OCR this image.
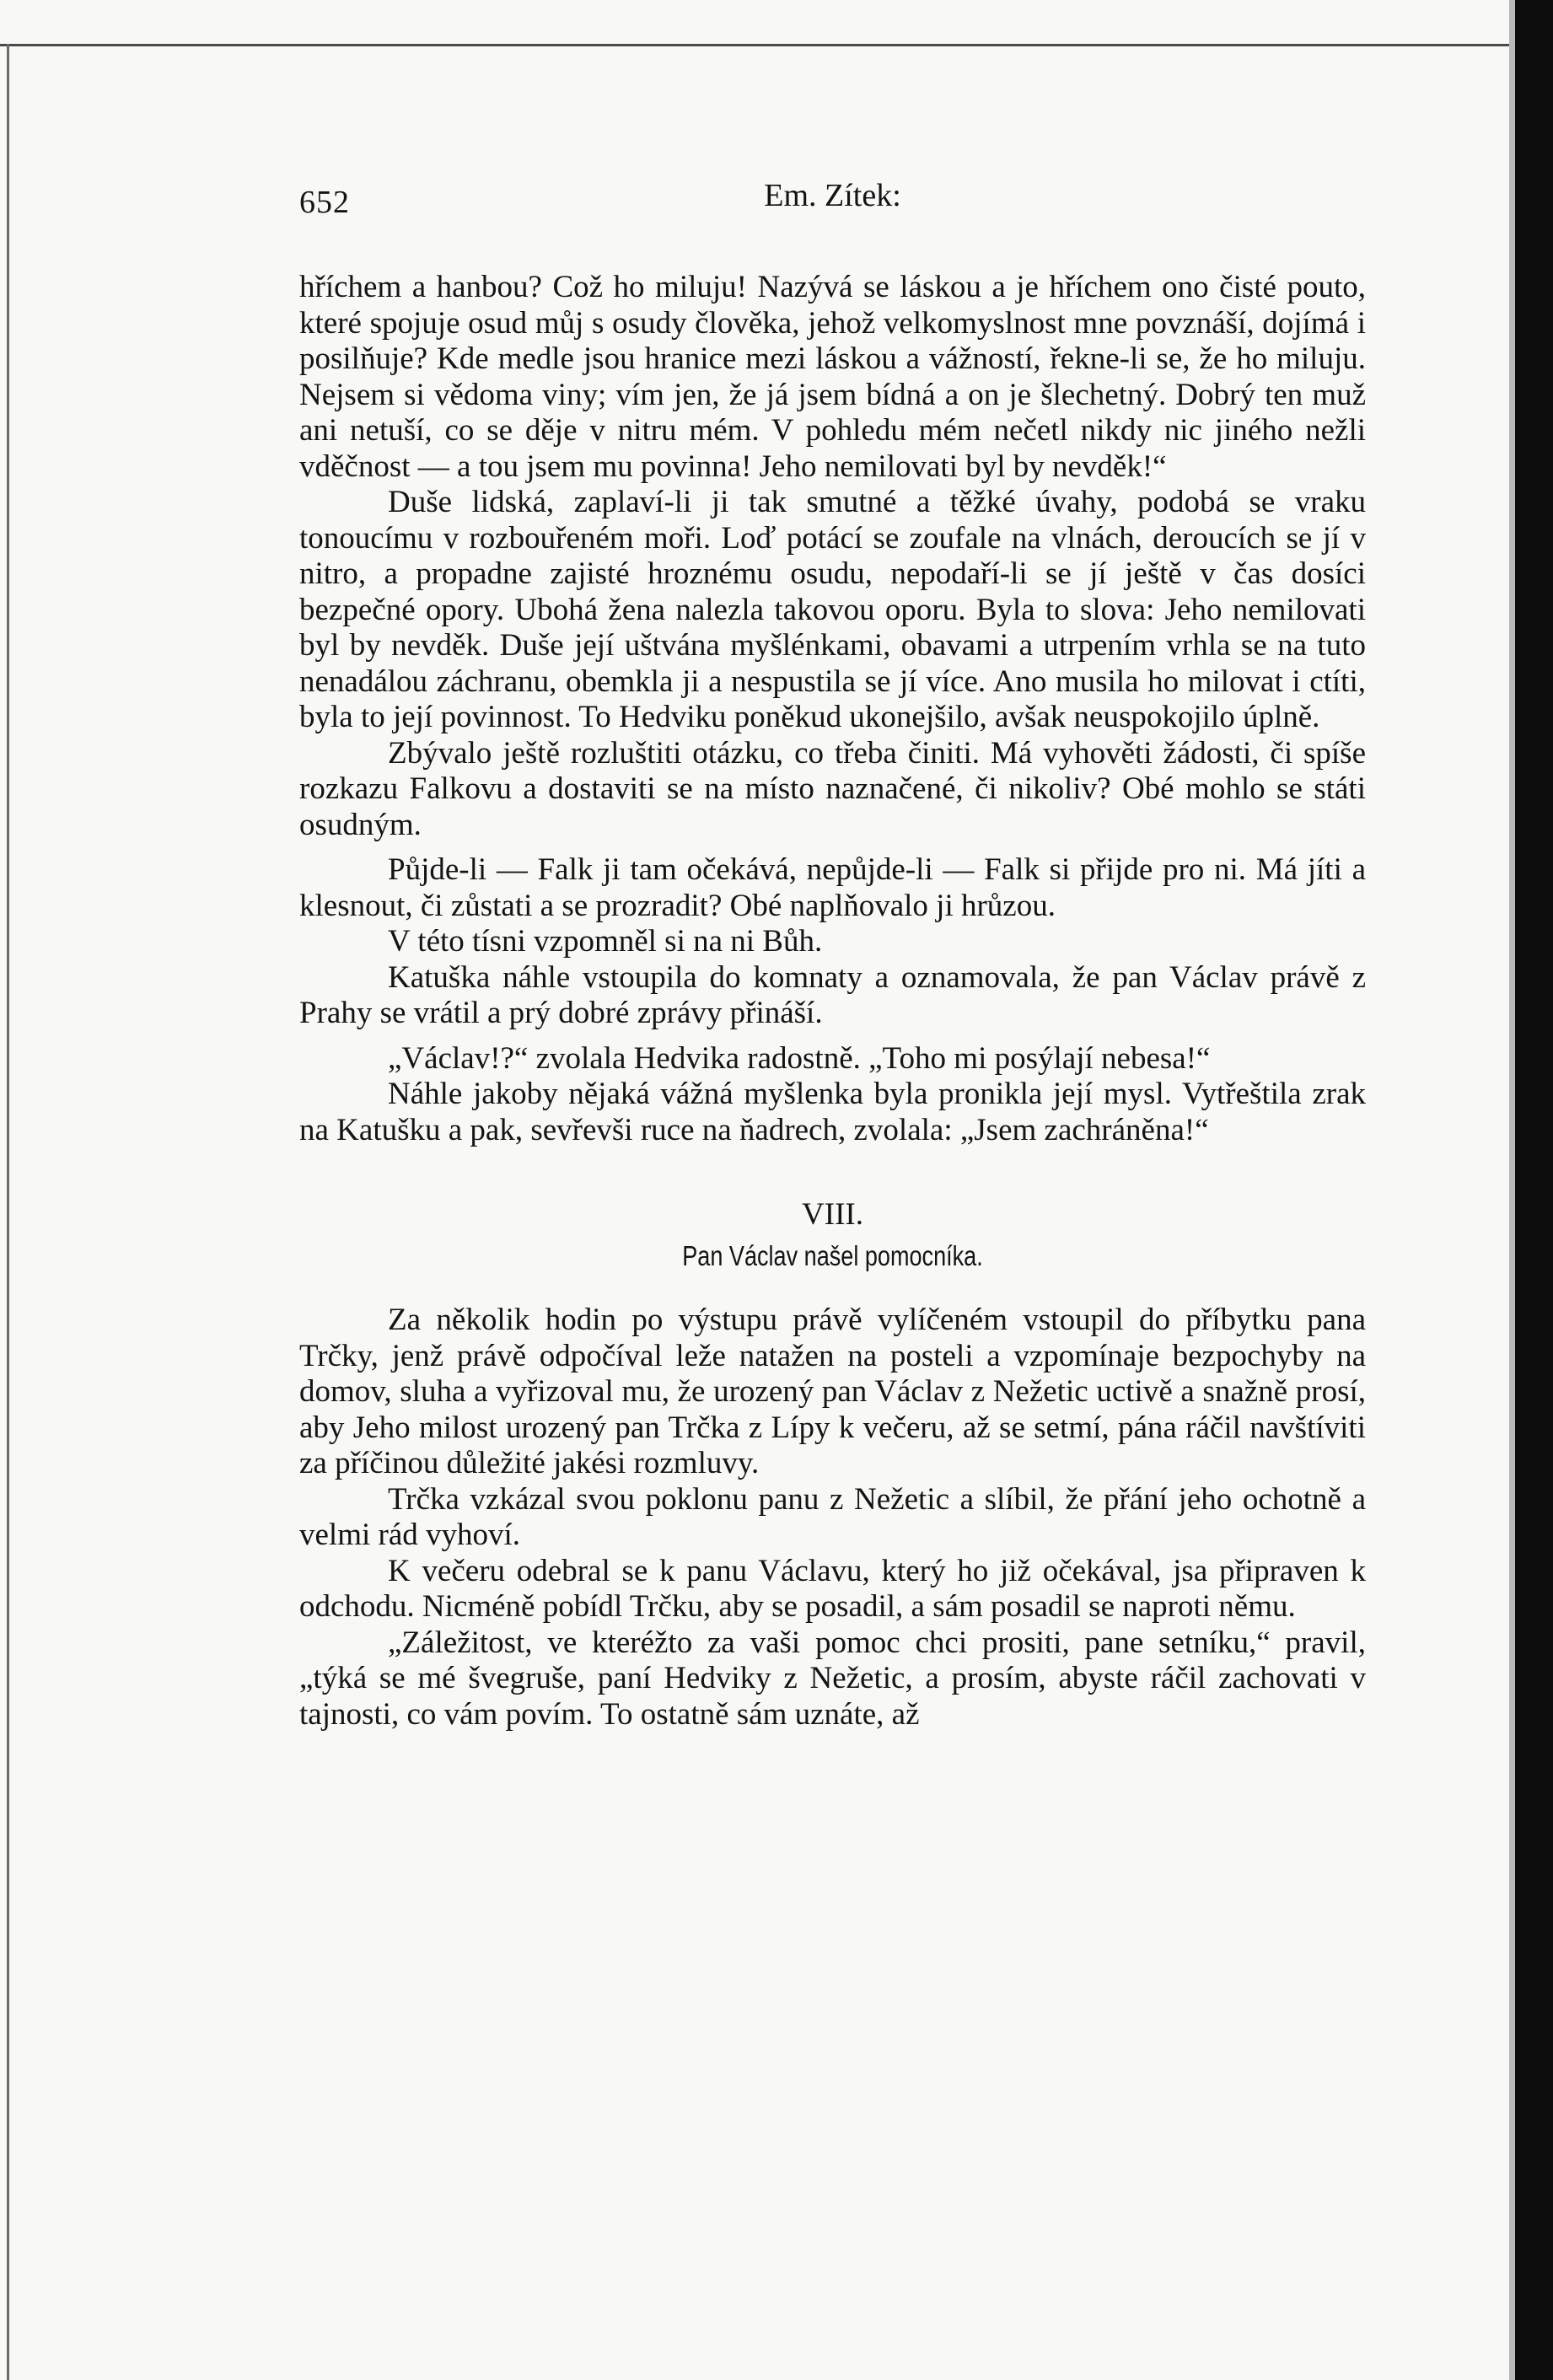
652	Em. Zítek:

hříchem a hanbou? Což ho miluju! Nazývá se láskou a je hříchem ono čisté pouto, které spojuje osud můj s osudy člověka, jehož velkomyslnost mne povznáší, dojímá i posilňuje? Kde medle jsou hranice mezi láskou a vážností, řekne-li se, že ho miluju. Nejsem si vědoma viny; vím jen, že já jsem bídná a on je šlechetný. Dobrý ten muž ani netuší, co se děje v nitru mém. V pohledu mém nečetl nikdy nic jiného nežli vděčnost — a tou jsem mu povinna! Jeho nemilovati byl by nevděk!“

Duše lidská, zaplaví-li ji tak smutné a těžké úvahy, podobá se vraku tonoucímu v rozbouřeném moři. Loď potácí se zoufale na vlnách, deroucích se jí v nitro, a propadne zajisté hroznému osudu, nepodaří-li se jí ještě v čas dosíci bezpečné opory. Ubohá žena nalezla takovou oporu. Byla to slova: Jeho nemilovati byl by nevděk. Duše její uštvána myšlénkami, obavami a utrpením vrhla se na tuto nenadálou záchranu, obemkla ji a nespustila se jí více. Ano musila ho milovat i ctíti, byla to její povinnost. To Hedviku poněkud ukonejšilo, avšak neuspokojilo úplně.

Zbývalo ještě rozluštiti otázku, co třeba činiti. Má vyhověti žádosti, či spíše rozkazu Falkovu a dostaviti se na místo naznačené, či nikoliv? Obé mohlo se státi osudným.

Půjde-li — Falk ji tam očekává, nepůjde-li — Falk si přijde pro ni. Má jíti a klesnout, či zůstati a se prozradit? Obé naplňovalo ji hrůzou.

V této tísni vzpomněl si na ni Bůh.

Katuška náhle vstoupila do komnaty a oznamovala, že pan Václav právě z Prahy se vrátil a prý dobré zprávy přináší.

„Václav!?“ zvolala Hedvika radostně. „Toho mi posýlají nebesa!“

Náhle jakoby nějaká vážná myšlenka byla pronikla její mysl. Vytřeštila zrak na Katušku a pak, sevřevši ruce na ňadrech, zvolala: „Jsem zachráněna!“

VIII.
Pan Václav našel pomocníka.

Za několik hodin po výstupu právě vylíčeném vstoupil do příbytku pana Trčky, jenž právě odpočíval leže natažen na posteli a vzpomínaje bezpochyby na domov, sluha a vyřizoval mu, že urozený pan Václav z Nežetic uctivě a snažně prosí, aby Jeho milost urozený pan Trčka z Lípy k večeru, až se setmí, pána ráčil navštíviti za příčinou důležité jakési rozmluvy.

Trčka vzkázal svou poklonu panu z Nežetic a slíbil, že přání jeho ochotně a velmi rád vyhoví.

K večeru odebral se k panu Václavu, který ho již očekával, jsa připraven k odchodu. Nicméně pobídl Trčku, aby se posadil, a sám posadil se naproti němu.

„Záležitost, ve kteréžto za vaši pomoc chci prositi, pane setníku,“ pravil, „týká se mé švegruše, paní Hedviky z Nežetic, a prosím, abyste ráčil zachovati v tajnosti, co vám povím. To ostatně sám uznáte, až
